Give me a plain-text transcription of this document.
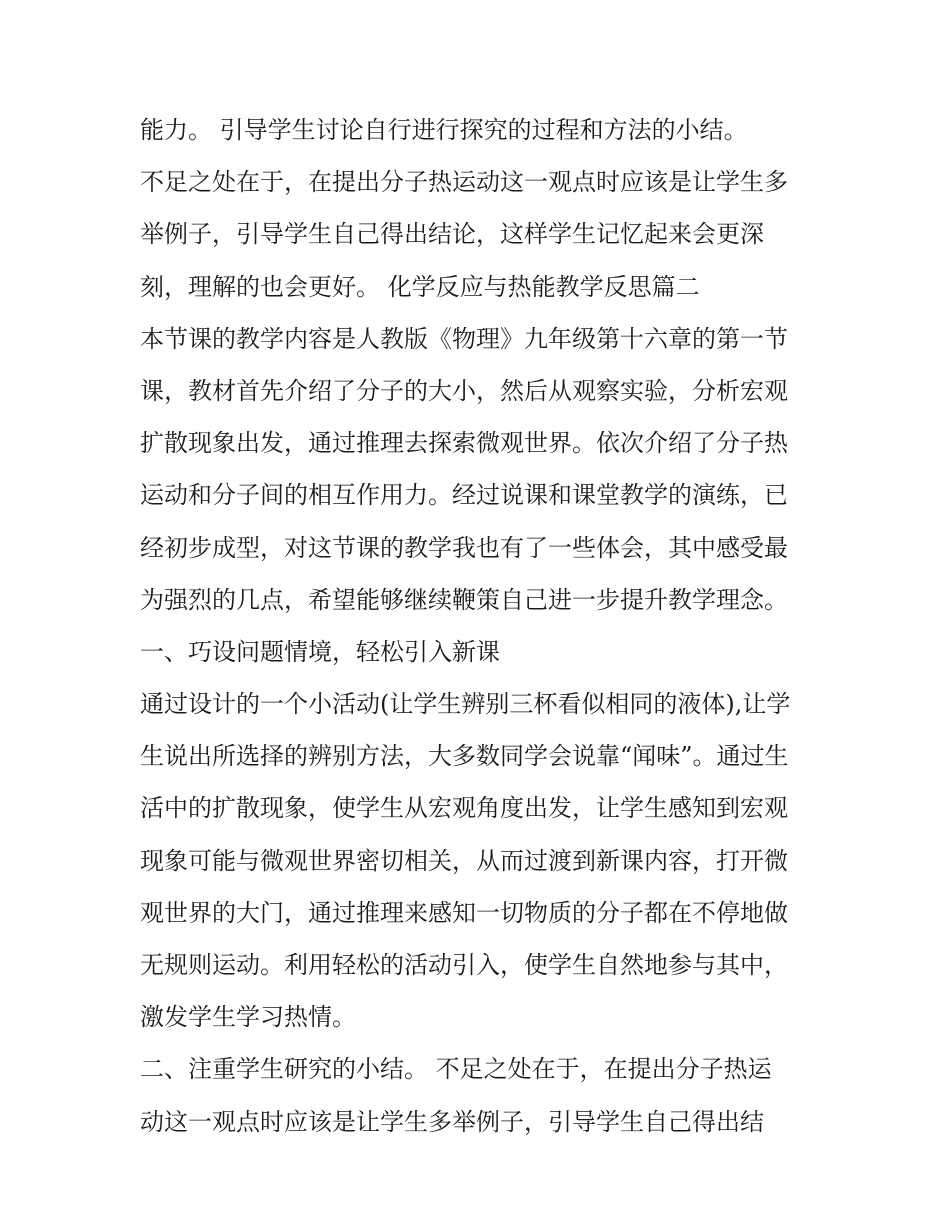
能力。 引导学生讨论自行进行探究的过程和方法的小结。
不足之处在于，在提出分子热运动这一观点时应该是让学生多
举例子，引导学生自己得出结论，这样学生记忆起来会更深
刻，理解的也会更好。 化学反应与热能教学反思篇二
本节课的教学内容是人教版《物理》九年级第十六章的第一节
课，教材首先介绍了分子的大小，然后从观察实验，分析宏观
扩散现象出发，通过推理去探索微观世界。依次介绍了分子热
运动和分子间的相互作用力。经过说课和课堂教学的演练，已
经初步成型，对这节课的教学我也有了一些体会，其中感受最
为强烈的几点，希望能够继续鞭策自己进一步提升教学理念。
一、巧设问题情境，轻松引入新课
通过设计的一个小活动(让学生辨别三杯看似相同的液体),让学
生说出所选择的辨别方法，大多数同学会说靠“闻味”。通过生
活中的扩散现象，使学生从宏观角度出发，让学生感知到宏观
现象可能与微观世界密切相关，从而过渡到新课内容，打开微
观世界的大门，通过推理来感知一切物质的分子都在不停地做
无规则运动。利用轻松的活动引入，使学生自然地参与其中，
激发学生学习热情。
二、注重学生研究的小结。 不足之处在于，在提出分子热运
动这一观点时应该是让学生多举例子，引导学生自己得出结
